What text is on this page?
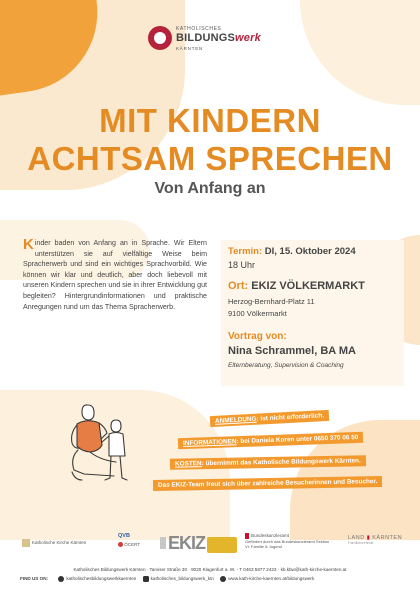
KATHOLISCHES
BILDUNGSwerk
KÄRNTEN
MIT KINDERN
ACHTSAM SPRECHEN
Von Anfang an
Kinder baden von Anfang an in Sprache. Wir Eltern unterstützen sie auf vielfältige Weise beim Spracherwerb und sind ein wichtiges Sprachvorbild. Wie können wir klar und deutlich, aber doch liebevoll mit unseren Kindern sprechen und sie in ihrer Entwicklung gut begleiten? Hintergrundinformationen und praktische Anregungen rund um das Thema Spracherwerb.
Termin: DI, 15. Oktober 2024
18 Uhr
Ort: EKIZ VÖLKERMARKT
Herzog-Bernhard-Platz 11
9100 Völkermarkt
Vortrag von:
Nina Schrammel, BA MA
Elternberatung, Supervision & Coaching
ANMELDUNG: ist nicht erforderlich.
INFORMATIONEN: bei Daniela Koren unter 0650 370 06 50
KOSTEN: übernimmt das Katholische Bildungswerk Kärnten.
Das EKIZ-Team freut sich über zahlreiche Besucherinnen und Besucher.
Katholische Kirche Kärnten
QVB
ÖCERT	EKIZ	Bundeskanzleramt
Gefördert durch das Bundeskanzleramt Sektion VI: Familie & Jugend
LAND ▮ KÄRNTEN
Familienreferat
Katholisches Bildungswerk Kärnten · Tarviser Straße 30 · 9020 Klagenfurt a. W. · T 0463 5877 2423 · kb.kbw@kath-kirche-kaernten.at
FIND US ON:	katholischesbildungswerkkaernten	katholisches_bildungswerk_ktn	www.kath-kirche-kaernten.at/bildungswerk
